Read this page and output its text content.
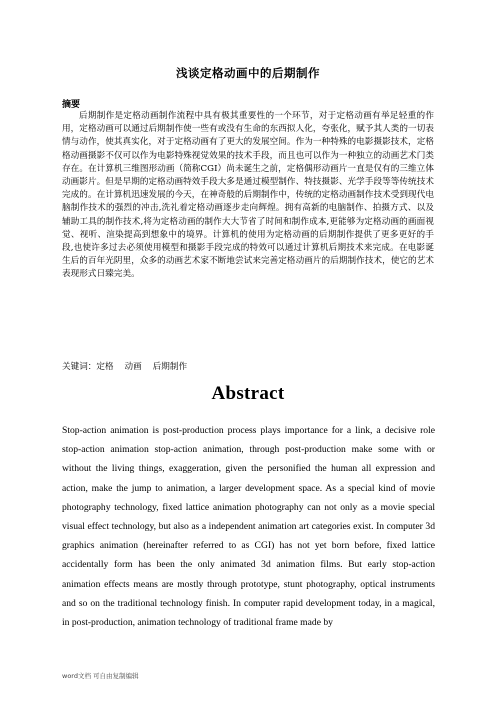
浅谈定格动画中的后期制作
摘要
后期制作是定格动画制作流程中具有极其重要性的一个环节，对于定格动画有举足轻重的作用，定格动画可以通过后期制作使一些有或没有生命的东西拟人化，夸张化，赋予其人类的一切表情与动作，使其真实化，对于定格动画有了更大的发展空间。作为一种特殊的电影摄影技术，定格格动画摄影不仅可以作为电影特殊视觉效果的技术手段，而且也可以作为一种独立的动画艺术门类存在。在计算机三维图形动画（简称CGI）尚未诞生之前，定格偶形动画片一直是仅有的三维立体动画影片。但是早期的定格动画特效手段大多是通过模型制作、特技摄影、光学手段等等传统技术完成的。在计算机迅速发展的今天，在神奇般的后期制作中，传统的定格动画制作技术受到现代电脑制作技术的强烈的冲击,洗礼着定格动画逐步走向辉煌。拥有高新的电脑制作、拍摄方式、以及辅助工具的制作技术,将为定格动画的制作大大节省了时间和制作成本,更能够为定格动画的画面视觉、视听、渲染提高到想象中的境界。计算机的使用为定格动画的后期制作提供了更多更好的手段,也使许多过去必须使用模型和摄影手段完成的特效可以通过计算机后期技术来完成。在电影诞生后的百年光阴里，众多的动画艺术家不断地尝试来完善定格动画片的后期制作技术，使它的艺术表现形式日臻完美。
关键词：定格 动画 后期制作
Abstract
Stop-action animation is post-production process plays importance for a link, a decisive role stop-action animation stop-action animation, through post-production make some with or without the living things, exaggeration, given the personified the human all expression and action, make the jump to animation, a larger development space. As a special kind of movie photography technology, fixed lattice animation photography can not only as a movie special visual effect technology, but also as a independent animation art categories exist. In computer 3d graphics animation (hereinafter referred to as CGI) has not yet born before, fixed lattice accidentally form has been the only animated 3d animation films. But early stop-action animation effects means are mostly through prototype, stunt photography, optical instruments and so on the traditional technology finish. In computer rapid development today, in a magical, in post-production, animation technology of traditional frame made by
word文档 可自由复制编辑
